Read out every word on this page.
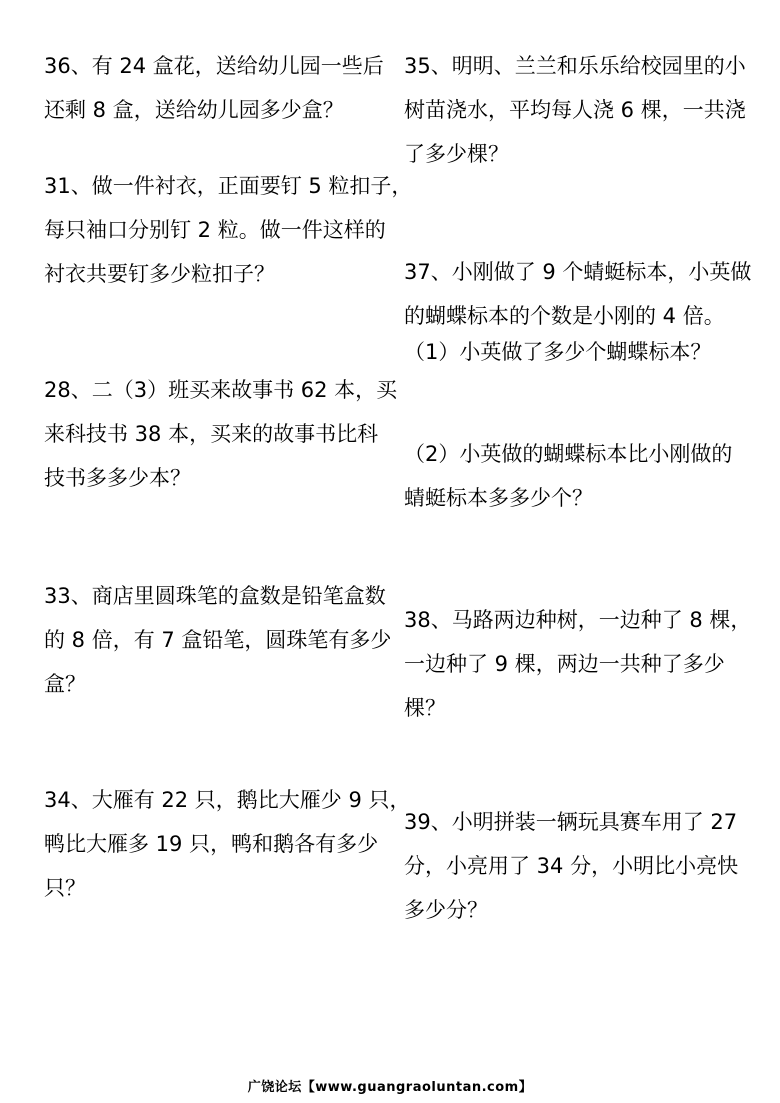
36、有 24 盒花，送给幼儿园一些后
还剩 8 盒，送给幼儿园多少盒？
31、做一件衬衣，正面要钉 5 粒扣子，
每只袖口分别钉 2 粒。做一件这样的
衬衣共要钉多少粒扣子？
28、二（3）班买来故事书 62 本，买
来科技书 38 本，买来的故事书比科
技书多多少本？
33、商店里圆珠笔的盒数是铅笔盒数
的 8 倍，有 7 盒铅笔，圆珠笔有多少
盒？
34、大雁有 22 只，鹅比大雁少 9 只，
鸭比大雁多 19 只，鸭和鹅各有多少
只？
35、明明、兰兰和乐乐给校园里的小
树苗浇水，平均每人浇 6 棵，一共浇
了多少棵？
37、小刚做了 9 个蜻蜓标本，小英做
的蝴蝶标本的个数是小刚的 4 倍。
（1）小英做了多少个蝴蝶标本？
（2）小英做的蝴蝶标本比小刚做的
蜻蜓标本多多少个？
38、马路两边种树，一边种了 8 棵，
一边种了 9 棵，两边一共种了多少
棵？
39、小明拼装一辆玩具赛车用了 27
分，小亮用了 34 分，小明比小亮快
多少分？
广饶论坛【www.guangraoluntan.com】
